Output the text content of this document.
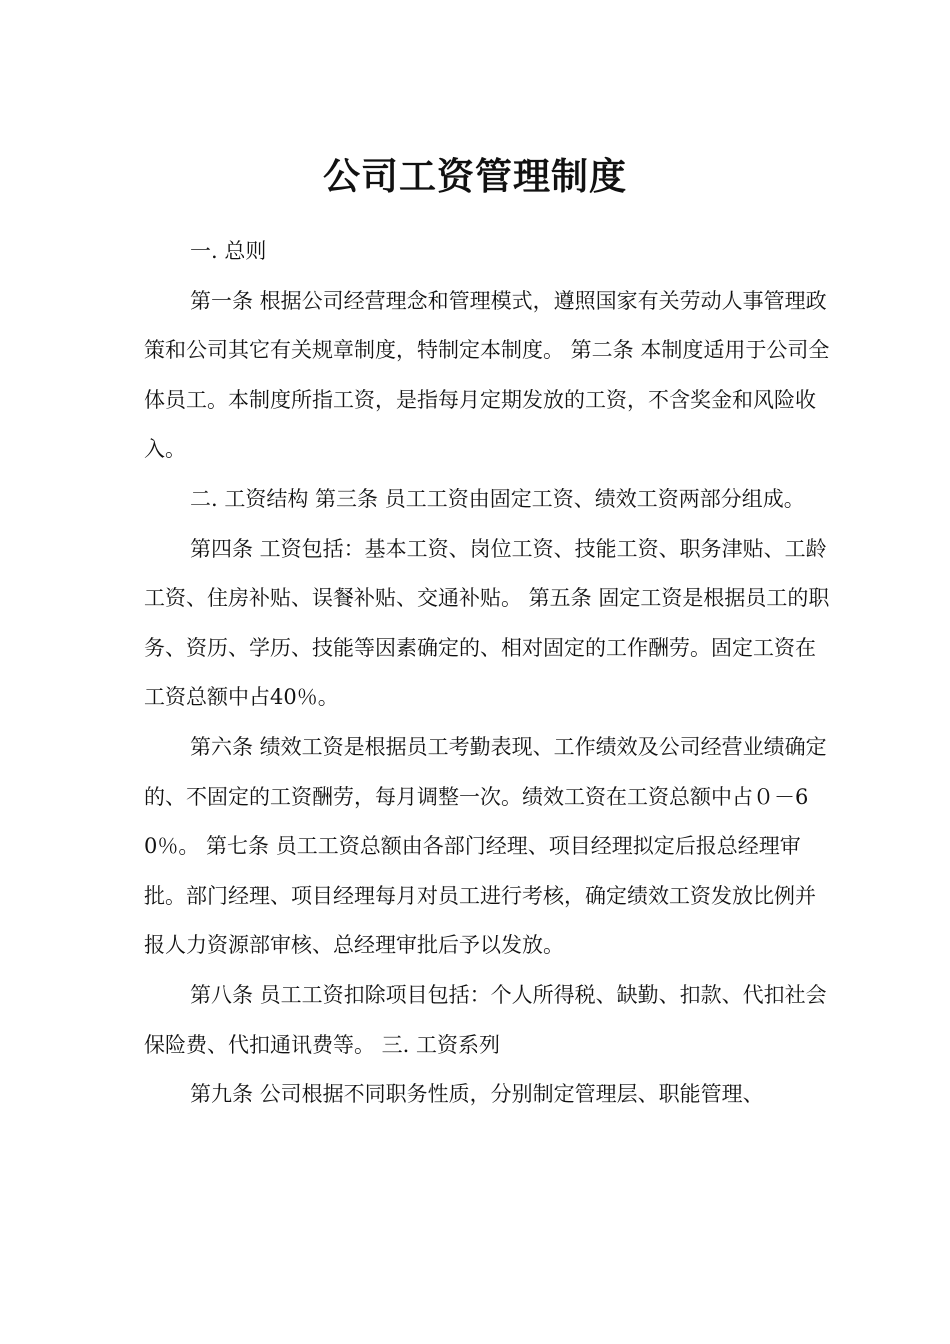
公司工资管理制度

一. 总则

第一条 根据公司经营理念和管理模式，遵照国家有关劳动人事管理政策和公司其它有关规章制度，特制定本制度。 第二条 本制度适用于公司全体员工。本制度所指工资，是指每月定期发放的工资，不含奖金和风险收入。

二. 工资结构 第三条 员工工资由固定工资、绩效工资两部分组成。

第四条 工资包括：基本工资、岗位工资、技能工资、职务津贴、工龄工资、住房补贴、误餐补贴、交通补贴。 第五条 固定工资是根据员工的职务、资历、学历、技能等因素确定的、相对固定的工作酬劳。固定工资在工资总额中占40％。

第六条 绩效工资是根据员工考勤表现、工作绩效及公司经营业绩确定的、不固定的工资酬劳，每月调整一次。绩效工资在工资总额中占０－60％。 第七条 员工工资总额由各部门经理、项目经理拟定后报总经理审批。部门经理、项目经理每月对员工进行考核，确定绩效工资发放比例并报人力资源部审核、总经理审批后予以发放。

第八条 员工工资扣除项目包括：个人所得税、缺勤、扣款、代扣社会保险费、代扣通讯费等。 三. 工资系列

第九条 公司根据不同职务性质，分别制定管理层、职能管理、
